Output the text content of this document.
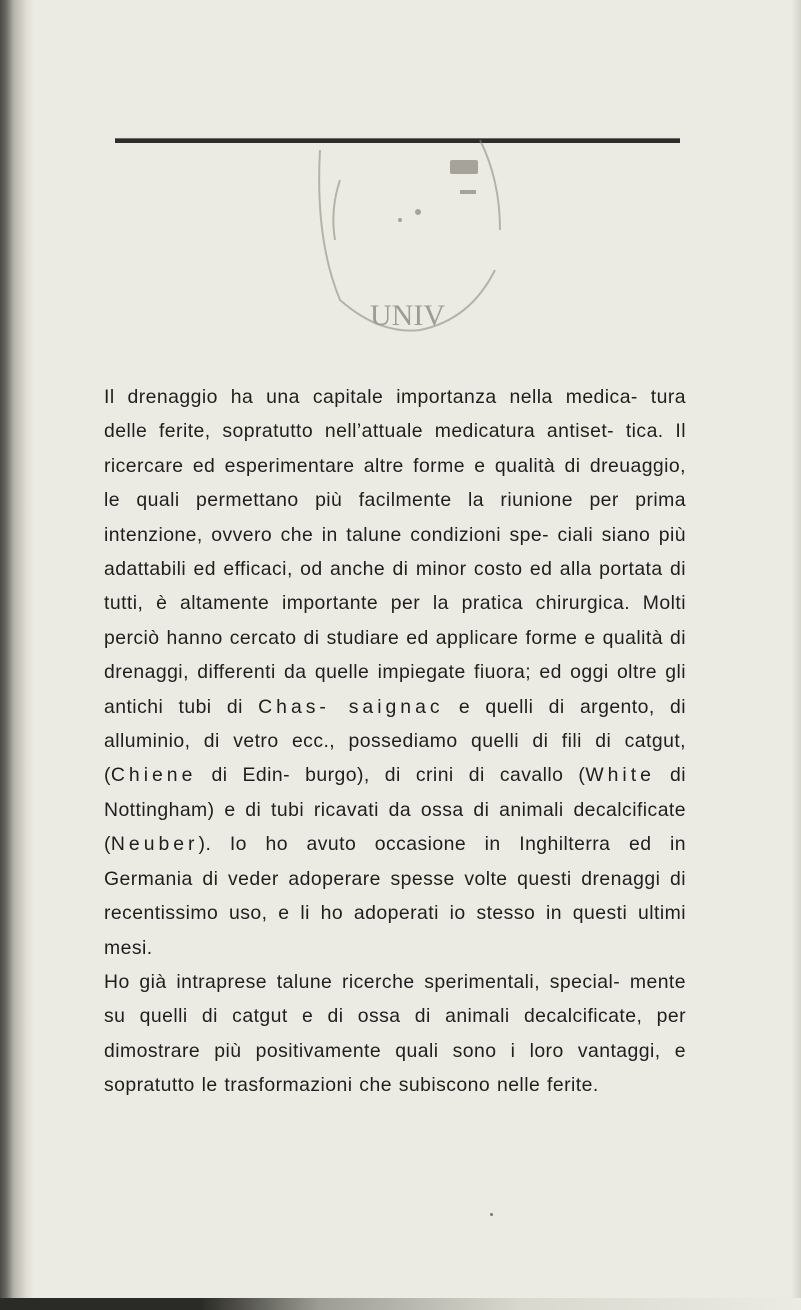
UNIV

Il drenaggio ha una capitale importanza nella medica- tura delle ferite, sopratutto nell’attuale medicatura antiset- tica. Il ricercare ed esperimentare altre forme e qualità di dreuaggio, le quali permettano più facilmente la riunione per prima intenzione, ovvero che in talune condizioni spe- ciali siano più adattabili ed efficaci, od anche di minor costo ed alla portata di tutti, è altamente importante per la pratica chirurgica. Molti perciò hanno cercato di studiare ed applicare forme e qualità di drenaggi, differenti da quelle impiegate fiuora; ed oggi oltre gli antichi tubi di Chas- saignac e quelli di argento, di alluminio, di vetro ecc., possediamo quelli di fili di catgut, (Chiene di Edin- burgo), di crini di cavallo (White di Nottingham) e di tubi ricavati da ossa di animali decalcificate (Neuber). Io ho avuto occasione in Inghilterra ed in Germania di veder adoperare spesse volte questi drenaggi di recentissimo uso, e li ho adoperati io stesso in questi ultimi mesi.

Ho già intraprese talune ricerche sperimentali, special- mente su quelli di catgut e di ossa di animali decalcificate, per dimostrare più positivamente quali sono i loro vantaggi, e sopratutto le trasformazioni che subiscono nelle ferite.
